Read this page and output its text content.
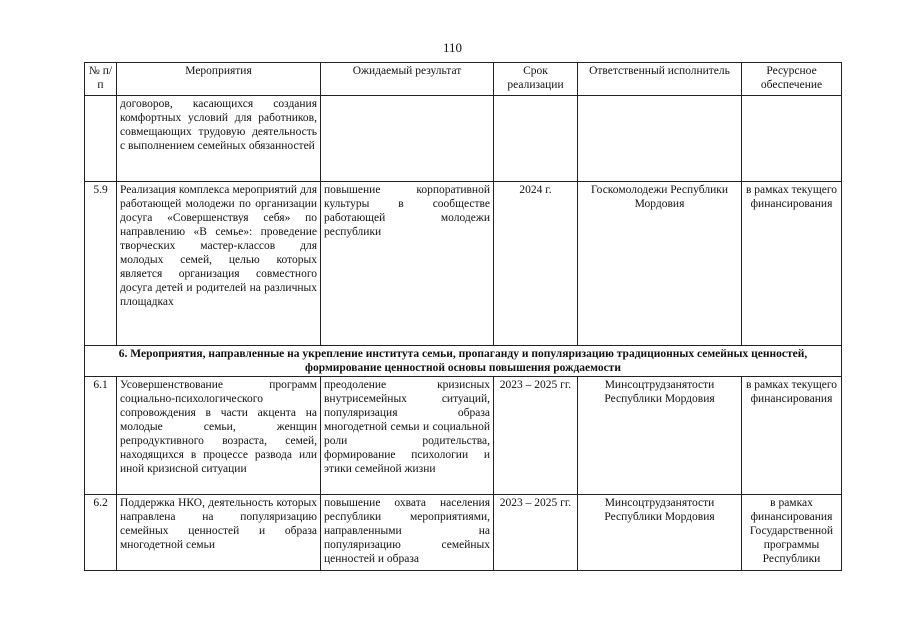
110
№ п/п	Мероприятия	Ожидаемый результат	Срок реализации	Ответственный исполнитель	Ресурсное обеспечение
	договоров, касающихся создания комфортных условий для работников, совмещающих трудовую деятельность с выполнением семейных обязанностей				
5.9	Реализация комплекса мероприятий для работающей молодежи по организации досуга «Совершенствуя себя» по направлению «В семье»: проведение творческих мастер-классов для молодых семей, целью которых является организация совместного досуга детей и родителей на различных площадках	повышение корпоративной культуры в сообществе работающей молодежи республики	2024 г.	Госкомолодежи Республики Мордовия	в рамках текущего финансирования
6. Мероприятия, направленные на укрепление института семьи, пропаганду и популяризацию традиционных семейных ценностей, формирование ценностной основы повышения рождаемости					
6.1	Усовершенствование программ социально-психологического сопровождения в части акцента на молодые семьи, женщин репродуктивного возраста, семей, находящихся в процессе развода или иной кризисной ситуации	преодоление кризисных внутрисемейных ситуаций, популяризация образа многодетной семьи и социальной роли родительства, формирование психологии и этики семейной жизни	2023 – 2025 гг.	Минсоцтрудзанятости Республики Мордовия	в рамках текущего финансирования
6.2	Поддержка НКО, деятельность которых направлена на популяризацию семейных ценностей и образа многодетной семьи	повышение охвата населения республики мероприятиями, направленными на популяризацию семейных ценностей и образа	2023 – 2025 гг.	Минсоцтрудзанятости Республики Мордовия	в рамках финансирования Государственной программы Республики
